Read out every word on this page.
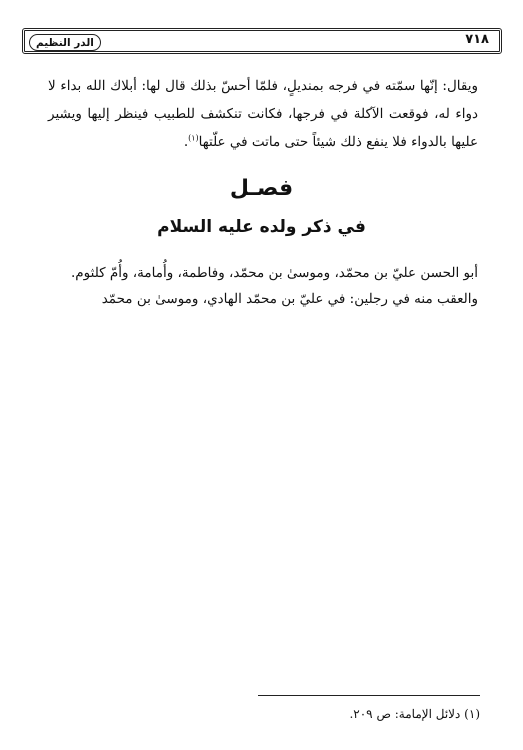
الدر النظيم	٧١٨
ويقال: إنّها سمّته في فرجه بمنديلٍ، فلمّا أحسّ بذلك قال لها: أبلاك الله بداء لا دواء له، فوقعت الآكلة في فرجها، فكانت تنكشف للطبيب فينظر إليها ويشير عليها بالدواء فلا ينفع ذلك شيئاً حتى ماتت في علّتها$^{(١)}$.
فصـل
في ذكر ولده عليه السلام
أبو الحسن عليّ بن محمّد، وموسىٰ بن محمّد، وفاطمة، وأُمامة، وأُمّ كلثوم.
والعقب منه في رجلين: في عليّ بن محمّد الهادي، وموسىٰ بن محمّد
(١) دلائل الإمامة: ص ٢٠٩.
